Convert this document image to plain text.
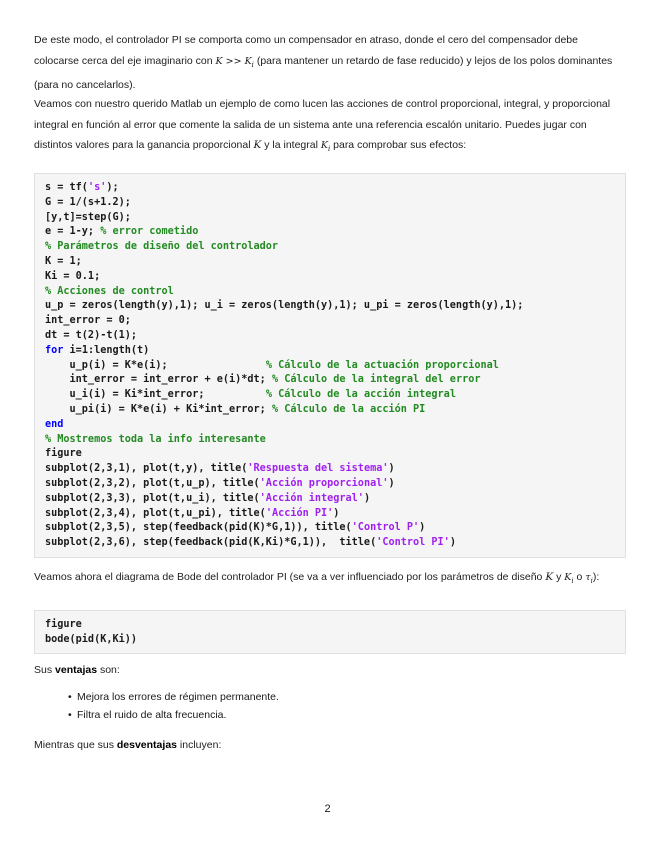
De este modo, el controlador PI se comporta como un compensador en atraso, donde el cero del compensador debe colocarse cerca del eje imaginario con $K >> K_i$ (para mantener un retardo de fase reducido) y lejos de los polos dominantes (para no cancelarlos).

Veamos con nuestro querido Matlab un ejemplo de como lucen las acciones de control proporcional, integral, y proporcional integral en función al error que comente la salida de un sistema ante una referencia escalón unitario. Puedes jugar con distintos valores para la ganancia proporcional K y la integral $K_i$ para comprobar sus efectos:

s = tf('s');
G = 1/(s+1.2);
[y,t]=step(G);
e = 1-y; % error cometido
% Parámetros de diseño del controlador
K = 1;
Ki = 0.1;
% Acciones de control
u_p = zeros(length(y),1); u_i = zeros(length(y),1); u_pi = zeros(length(y),1);
int_error = 0;
dt = t(2)-t(1);
for i=1:length(t)
u_p(i) = K*e(i);                % Cálculo de la actuación proporcional
int_error = int_error + e(i)*dt; % Cálculo de la integral del error
u_i(i) = Ki*int_error;          % Cálculo de la acción integral
u_pi(i) = K*e(i) + Ki*int_error; % Cálculo de la acción PI
end
% Mostremos toda la info interesante
figure
subplot(2,3,1), plot(t,y), title('Respuesta del sistema')
subplot(2,3,2), plot(t,u_p), title('Acción proporcional')
subplot(2,3,3), plot(t,u_i), title('Acción integral')
subplot(2,3,4), plot(t,u_pi), title('Acción PI')
subplot(2,3,5), step(feedback(pid(K)*G,1)), title('Control P')
subplot(2,3,6), step(feedback(pid(K,Ki)*G,1)),  title('Control PI')

Veamos ahora el diagrama de Bode del controlador PI (se va a ver influenciado por los parámetros de diseño K y $K_i$ o $\tau_i$):

figure
bode(pid(K,Ki))

Sus ventajas son:

• Mejora los errores de régimen permanente.
• Filtra el ruido de alta frecuencia.

Mientras que sus desventajas incluyen:

2
